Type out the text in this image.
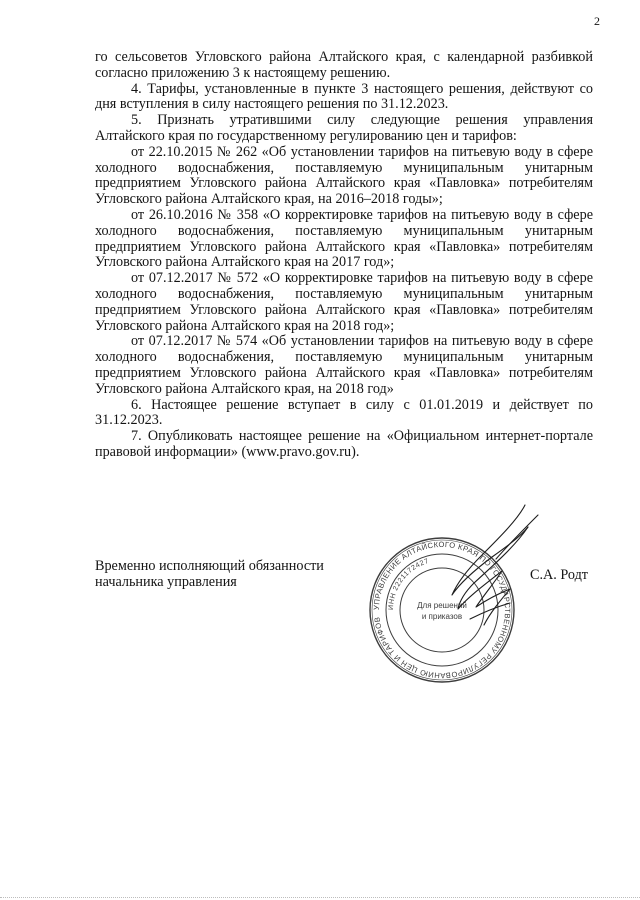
2

го сельсоветов Угловского района Алтайского края, с календарной разбивкой согласно приложению 3 к настоящему решению.

4. Тарифы, установленные в пункте 3 настоящего решения, действуют со дня вступления в силу настоящего решения по 31.12.2023.

5. Признать утратившими силу следующие решения управления Алтайского края по государственному регулированию цен и тарифов:

от 22.10.2015 № 262 «Об установлении тарифов на питьевую воду в сфере холодного водоснабжения, поставляемую муниципальным унитарным предприятием Угловского района Алтайского края «Павловка» потребителям Угловского района Алтайского края, на 2016–2018 годы»;

от 26.10.2016 № 358 «О корректировке тарифов на питьевую воду в сфере холодного водоснабжения, поставляемую муниципальным унитарным предприятием Угловского района Алтайского края «Павловка» потребителям Угловского района Алтайского края на 2017 год»;

от 07.12.2017 № 572 «О корректировке тарифов на питьевую воду в сфере холодного водоснабжения, поставляемую муниципальным унитарным предприятием Угловского района Алтайского края «Павловка» потребителям Угловского района Алтайского края на 2018 год»;

от 07.12.2017 № 574 «Об установлении тарифов на питьевую воду в сфере холодного водоснабжения, поставляемую муниципальным унитарным предприятием Угловского района Алтайского края «Павловка» потребителям Угловского района Алтайского края, на 2018 год»

6. Настоящее решение вступает в силу с 01.01.2019 и действует по 31.12.2023.

7. Опубликовать настоящее решение на «Официальном интернет-портале правовой информации» (www.pravo.gov.ru).

Временно исполняющий обязанности
начальника управления
УПРАВЛЕНИЕ АЛТАЙСКОГО КРАЯ ПО ГОСУДАРСТВЕННОМУ РЕГУЛИРОВАНИЮ ЦЕН И ТАРИФОВ
ИНН 2221172427
Для решений
и приказов
С.А. Родт
